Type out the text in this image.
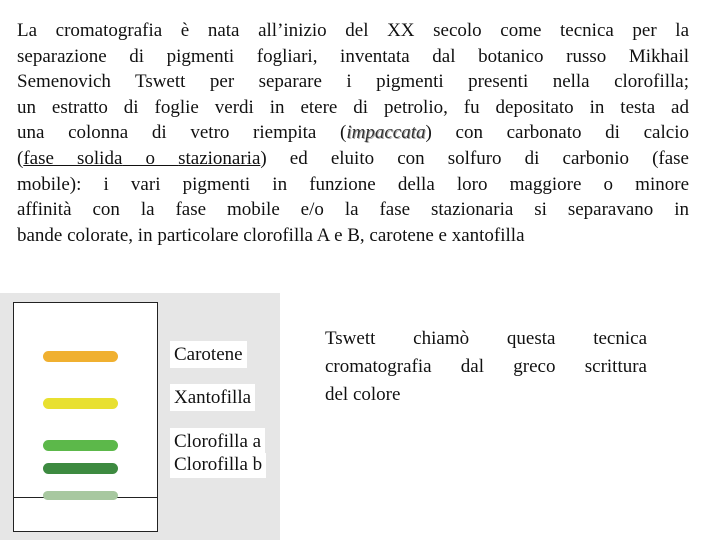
La cromatografia è nata all’inizio del XX secolo come tecnica per la
separazione di pigmenti fogliari, inventata dal botanico russo Mikhail
Semenovich Tswett per separare i pigmenti presenti nella clorofilla;
un estratto di foglie verdi in etere di petrolio, fu depositato in testa ad
una colonna di vetro riempita (impaccata) con carbonato di calcio
(fase solida o stazionaria) ed eluito con solfuro di carbonio (fase
mobile): i vari pigmenti in funzione della loro maggiore o minore
affinità con la fase mobile e/o la fase stazionaria si separavano in
bande colorate, in particolare clorofilla A e B, carotene e xantofilla
Carotene
Xantofilla
Clorofilla a
Clorofilla b
Tswett chiamò questa tecnica
cromatografia dal greco scrittura
del colore
